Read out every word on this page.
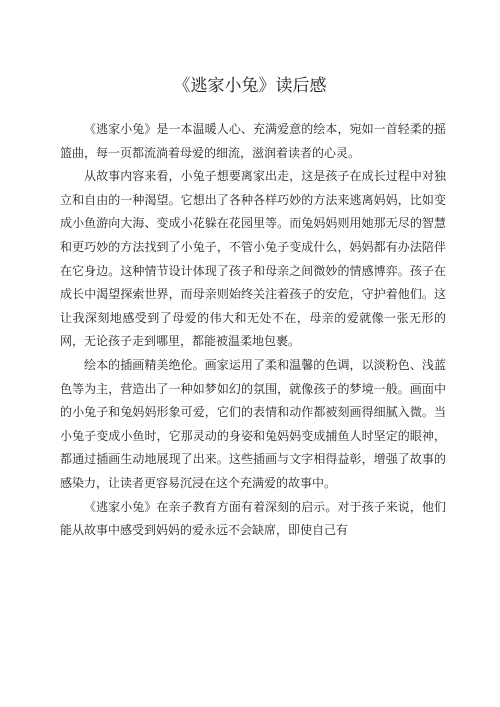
《逃家小兔》读后感

《逃家小兔》是一本温暖人心、充满爱意的绘本，宛如一首轻柔的摇篮曲，每一页都流淌着母爱的细流，滋润着读者的心灵。

从故事内容来看，小兔子想要离家出走，这是孩子在成长过程中对独立和自由的一种渴望。它想出了各种各样巧妙的方法来逃离妈妈，比如变成小鱼游向大海、变成小花躲在花园里等。而兔妈妈则用她那无尽的智慧和更巧妙的方法找到了小兔子，不管小兔子变成什么，妈妈都有办法陪伴在它身边。这种情节设计体现了孩子和母亲之间微妙的情感博弈。孩子在成长中渴望探索世界，而母亲则始终关注着孩子的安危，守护着他们。这让我深刻地感受到了母爱的伟大和无处不在，母亲的爱就像一张无形的网，无论孩子走到哪里，都能被温柔地包裹。

绘本的插画精美绝伦。画家运用了柔和温馨的色调，以淡粉色、浅蓝色等为主，营造出了一种如梦如幻的氛围，就像孩子的梦境一般。画面中的小兔子和兔妈妈形象可爱，它们的表情和动作都被刻画得细腻入微。当小兔子变成小鱼时，它那灵动的身姿和兔妈妈变成捕鱼人时坚定的眼神，都通过插画生动地展现了出来。这些插画与文字相得益彰，增强了故事的感染力，让读者更容易沉浸在这个充满爱的故事中。

《逃家小兔》在亲子教育方面有着深刻的启示。对于孩子来说，他们能从故事中感受到妈妈的爱永远不会缺席，即使自己有
